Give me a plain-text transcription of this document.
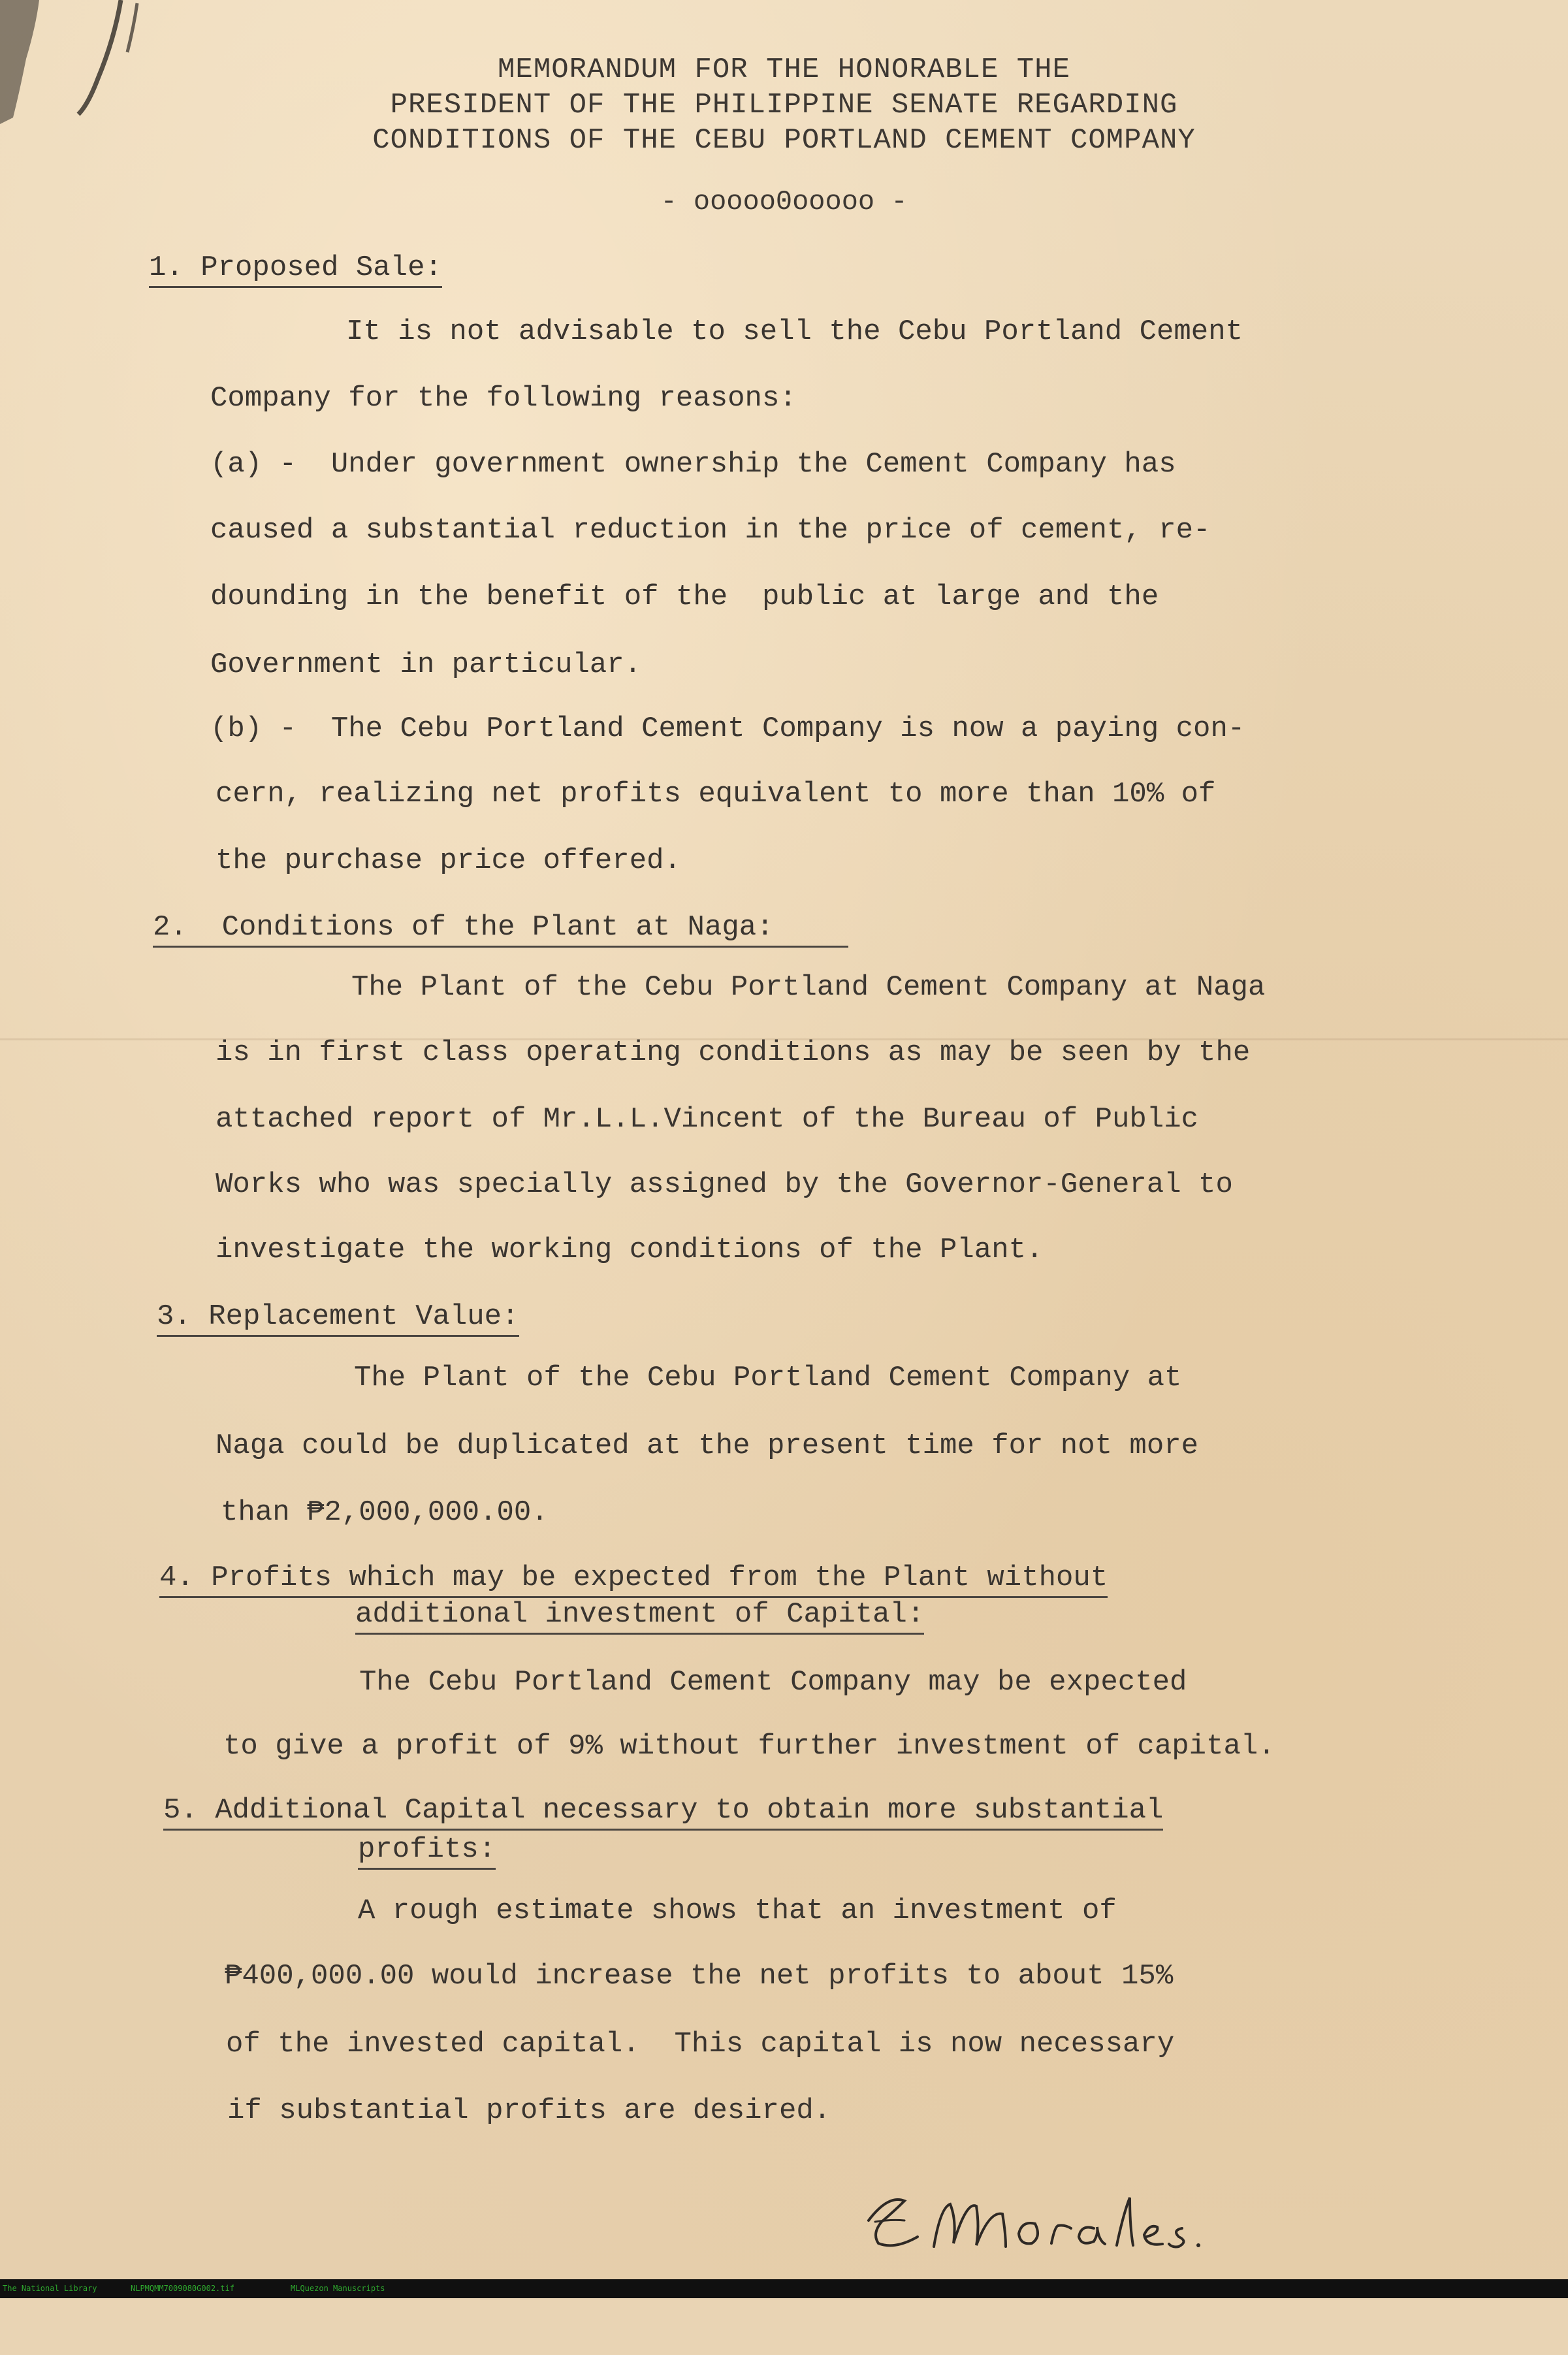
MEMORANDUM FOR THE HONORABLE THE
PRESIDENT OF THE PHILIPPINE SENATE REGARDING
CONDITIONS OF THE CEBU PORTLAND CEMENT COMPANY
- ooooo0ooooo -
1. Proposed Sale:
It is not advisable to sell the Cebu Portland Cement
Company for the following reasons:
(a) -  Under government ownership the Cement Company has
caused a substantial reduction in the price of cement, re-
dounding in the benefit of the  public at large and the
Government in particular.
(b) -  The Cebu Portland Cement Company is now a paying con-
cern, realizing net profits equivalent to more than 10% of
the purchase price offered.
2.  Conditions of the Plant at Naga:
The Plant of the Cebu Portland Cement Company at Naga
is in first class operating conditions as may be seen by the
attached report of Mr.L.L.Vincent of the Bureau of Public
Works who was specially assigned by the Governor-General to
investigate the working conditions of the Plant.
3. Replacement Value:
The Plant of the Cebu Portland Cement Company at
Naga could be duplicated at the present time for not more
than ₱2,000,000.00.
4. Profits which may be expected from the Plant without
additional investment of Capital:
The Cebu Portland Cement Company may be expected
to give a profit of 9% without further investment of capital.
5. Additional Capital necessary to obtain more substantial
profits:
A rough estimate shows that an investment of
₱400,000.00 would increase the net profits to about 15%
of the invested capital.  This capital is now necessary
if substantial profits are desired.

The National Library

	NLPMQMM7009080G002.tif

	MLQuezon Manuscripts
